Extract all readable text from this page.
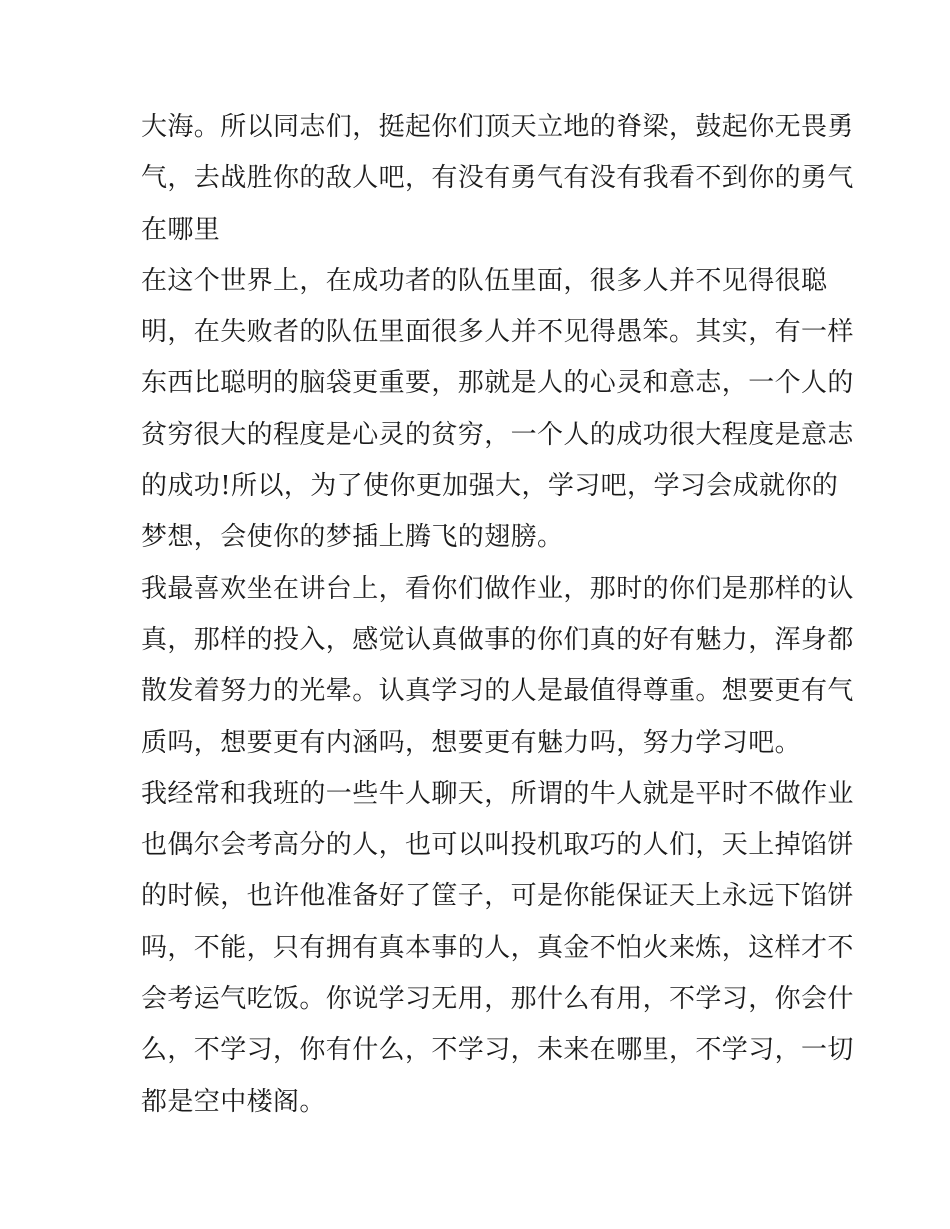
大海。所以同志们，挺起你们顶天立地的脊梁，鼓起你无畏勇
气，去战胜你的敌人吧，有没有勇气有没有我看不到你的勇气
在哪里
在这个世界上，在成功者的队伍里面，很多人并不见得很聪
明，在失败者的队伍里面很多人并不见得愚笨。其实，有一样
东西比聪明的脑袋更重要，那就是人的心灵和意志，一个人的
贫穷很大的程度是心灵的贫穷，一个人的成功很大程度是意志
的成功!所以，为了使你更加强大，学习吧，学习会成就你的
梦想，会使你的梦插上腾飞的翅膀。
我最喜欢坐在讲台上，看你们做作业，那时的你们是那样的认
真，那样的投入，感觉认真做事的你们真的好有魅力，浑身都
散发着努力的光晕。认真学习的人是最值得尊重。想要更有气
质吗，想要更有内涵吗，想要更有魅力吗，努力学习吧。
我经常和我班的一些牛人聊天，所谓的牛人就是平时不做作业
也偶尔会考高分的人，也可以叫投机取巧的人们，天上掉馅饼
的时候，也许他准备好了筐子，可是你能保证天上永远下馅饼
吗，不能，只有拥有真本事的人，真金不怕火来炼，这样才不
会考运气吃饭。你说学习无用，那什么有用，不学习，你会什
么，不学习，你有什么，不学习，未来在哪里，不学习，一切
都是空中楼阁。
